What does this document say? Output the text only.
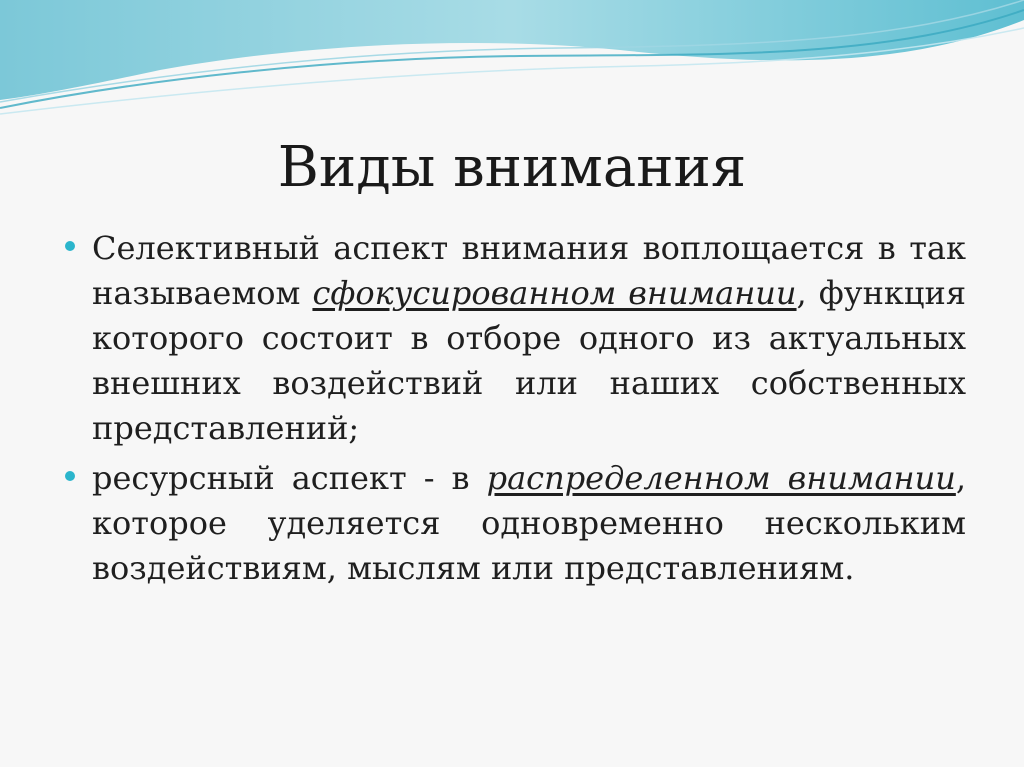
Виды внимания
Селективный аспект внимания воплощается в так называемом сфокусированном внимании, функция которого состоит в отборе одного из актуальных внешних воздействий или наших собственных представлений;
ресурсный аспект - в распределенном внимании, которое уделяется одновременно нескольким воздействиям, мыслям или представлениям.
